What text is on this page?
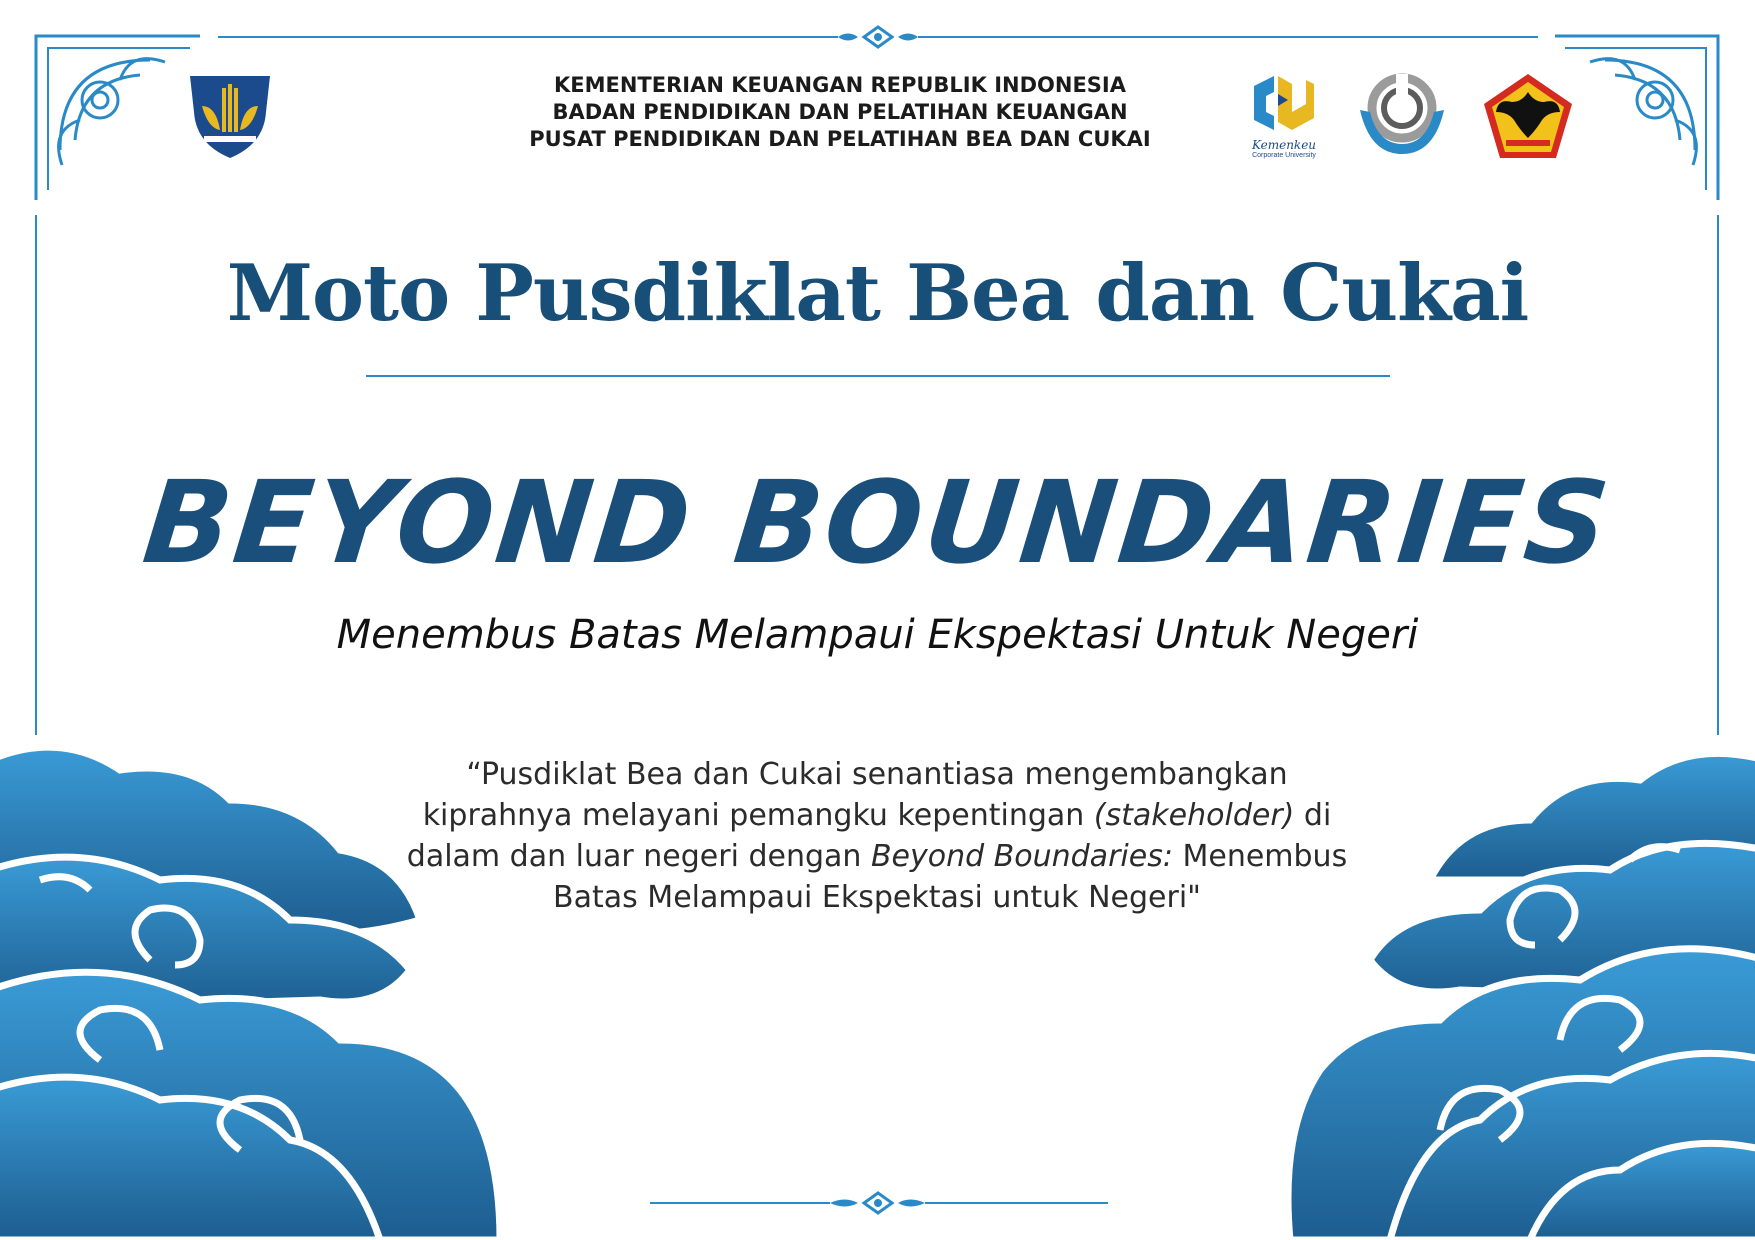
KEMENTERIAN KEUANGAN REPUBLIK INDONESIA
BADAN PENDIDIKAN DAN PELATIHAN KEUANGAN
PUSAT PENDIDIKAN DAN PELATIHAN BEA DAN CUKAI	Kemenkeu
Corporate University
Moto Pusdiklat Bea dan Cukai
BEYOND BOUNDARIES
Menembus Batas Melampaui Ekspektasi Untuk Negeri
“Pusdiklat Bea dan Cukai senantiasa mengembangkan kiprahnya melayani pemangku kepentingan (stakeholder) di dalam dan luar negeri dengan Beyond Boundaries: Menembus Batas Melampaui Ekspektasi untuk Negeri"
